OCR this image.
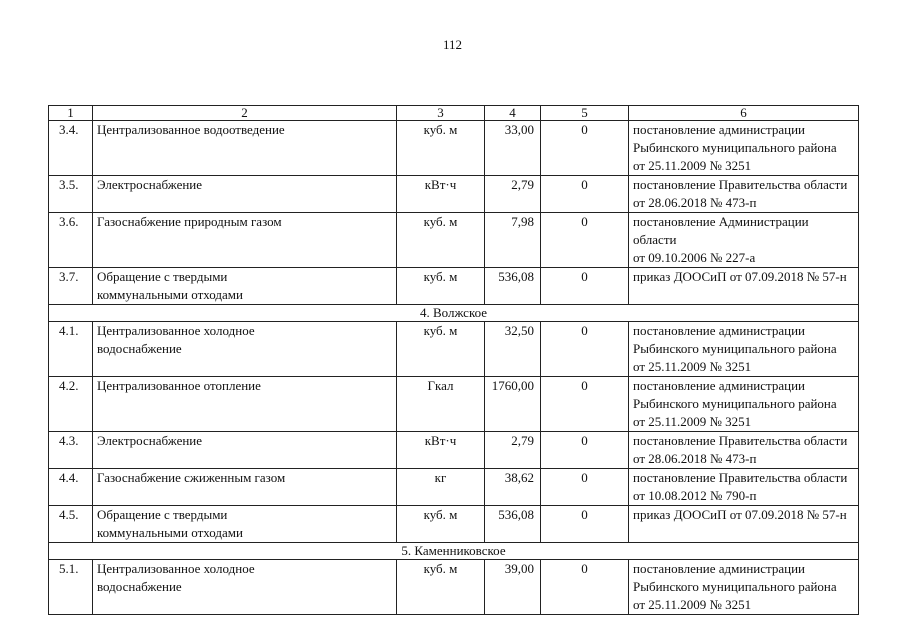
112
1	2	3	4	5	6
3.4.	Централизованное водоотведение	куб. м	33,00	0	постановление администрации
Рыбинского муниципального района
от 25.11.2009 № 3251
3.5.	Электроснабжение	кВт·ч	2,79	0	постановление Правительства области
от 28.06.2018 № 473-п
3.6.	Газоснабжение природным газом	куб. м	7,98	0	постановление Администрации области
от 09.10.2006 № 227-а
3.7.	Обращение с твердыми
коммунальными отходами	куб. м	536,08	0	приказ ДООСиП от 07.09.2018 № 57-н
4. Волжское					
4.1.	Централизованное холодное
водоснабжение	куб. м	32,50	0	постановление администрации
Рыбинского муниципального района
от 25.11.2009 № 3251
4.2.	Централизованное отопление	Гкал	1760,00	0	постановление администрации
Рыбинского муниципального района
от 25.11.2009 № 3251
4.3.	Электроснабжение	кВт·ч	2,79	0	постановление Правительства области
от 28.06.2018 № 473-п
4.4.	Газоснабжение сжиженным газом	кг	38,62	0	постановление Правительства области
от 10.08.2012 № 790-п
4.5.	Обращение с твердыми
коммунальными отходами	куб. м	536,08	0	приказ ДООСиП от 07.09.2018 № 57-н
5. Каменниковское					
5.1.	Централизованное холодное
водоснабжение	куб. м	39,00	0	постановление администрации
Рыбинского муниципального района
от 25.11.2009 № 3251
